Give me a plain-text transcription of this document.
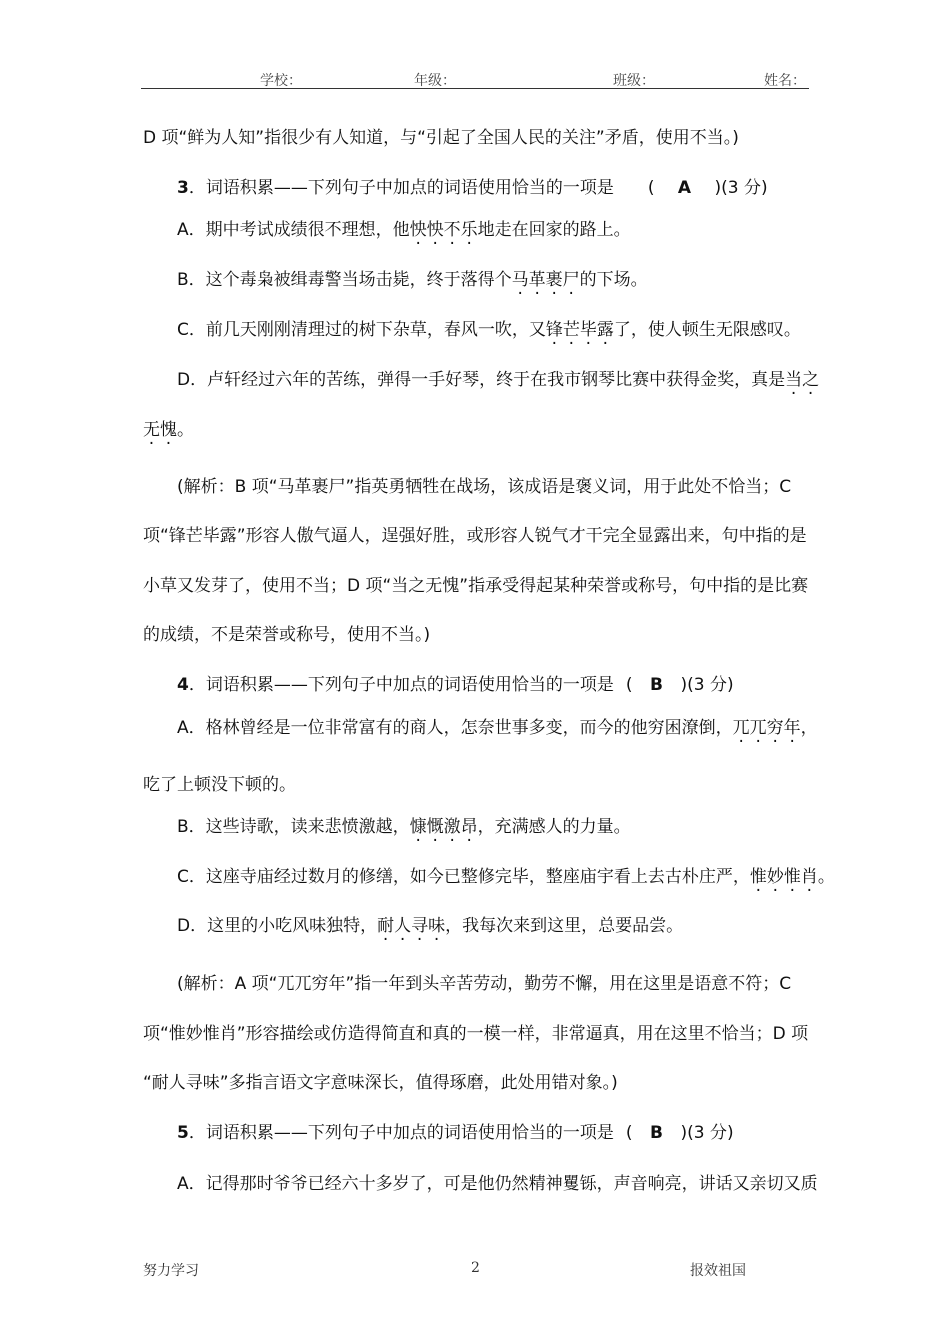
学校：	年级：	班级：	姓名：
D 项“鲜为人知”指很少有人知道，与“引起了全国人民的关注”矛盾，使用不当。)
3．词语积累——下列句子中加点的词语使用恰当的一项是 ( A )(3 分)
A．期中考试成绩很不理想，他怏怏不乐地走在回家的路上。
B．这个毒枭被缉毒警当场击毙，终于落得个马革裹尸的下场。
C．前几天刚刚清理过的树下杂草，春风一吹，又锋芒毕露了，使人顿生无限感叹。
D．卢轩经过六年的苦练，弹得一手好琴，终于在我市钢琴比赛中获得金奖，真是当之
无愧。
(解析：B 项“马革裹尸”指英勇牺牲在战场，该成语是褒义词，用于此处不恰当；C
项“锋芒毕露”形容人傲气逼人，逞强好胜，或形容人锐气才干完全显露出来，句中指的是
小草又发芽了，使用不当；D 项“当之无愧”指承受得起某种荣誉或称号，句中指的是比赛
的成绩，不是荣誉或称号，使用不当。)
4．词语积累——下列句子中加点的词语使用恰当的一项是 ( B )(3 分)
A．格林曾经是一位非常富有的商人，怎奈世事多变，而今的他穷困潦倒，兀兀穷年，
吃了上顿没下顿的。
B．这些诗歌，读来悲愤激越，慷慨激昂，充满感人的力量。
C．这座寺庙经过数月的修缮，如今已整修完毕，整座庙宇看上去古朴庄严，惟妙惟肖。
D．这里的小吃风味独特，耐人寻味，我每次来到这里，总要品尝。
(解析：A 项“兀兀穷年”指一年到头辛苦劳动，勤劳不懈，用在这里是语意不符；C
项“惟妙惟肖”形容描绘或仿造得简直和真的一模一样，非常逼真，用在这里不恰当；D 项
“耐人寻味”多指言语文字意味深长，值得琢磨，此处用错对象。)
5．词语积累——下列句子中加点的词语使用恰当的一项是 ( B )(3 分)
A．记得那时爷爷已经六十多岁了，可是他仍然精神矍铄，声音响亮，讲话又亲切又质
努力学习	2	报效祖国
